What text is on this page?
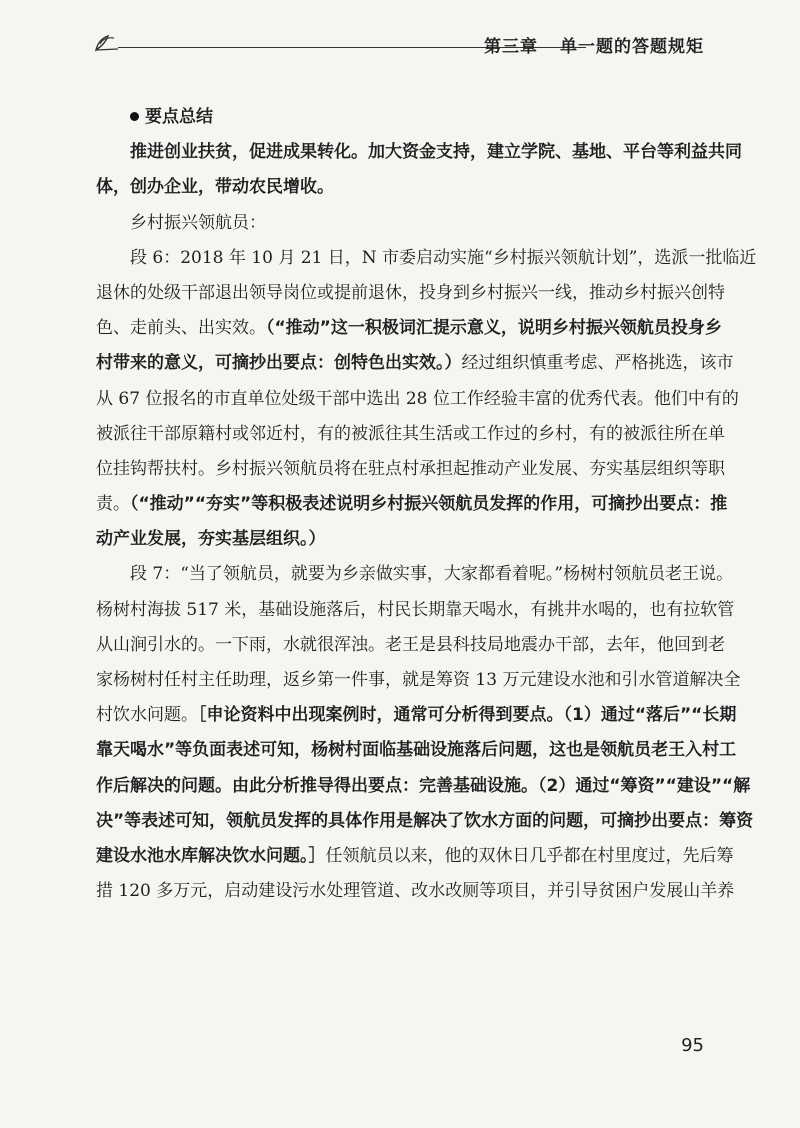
第三章 单一题的答题规矩
要点总结
推进创业扶贫，促进成果转化。加大资金支持，建立学院、基地、平台等利益共同
体，创办企业，带动农民增收。
乡村振兴领航员：
段 6：2018 年 10 月 21 日，N 市委启动实施“乡村振兴领航计划”，选派一批临近
退休的处级干部退出领导岗位或提前退休，投身到乡村振兴一线，推动乡村振兴创特
色、走前头、出实效。（“推动”这一积极词汇提示意义，说明乡村振兴领航员投身乡
村带来的意义，可摘抄出要点：创特色出实效。）经过组织慎重考虑、严格挑选，该市
从 67 位报名的市直单位处级干部中选出 28 位工作经验丰富的优秀代表。他们中有的
被派往干部原籍村或邻近村，有的被派往其生活或工作过的乡村，有的被派往所在单
位挂钩帮扶村。乡村振兴领航员将在驻点村承担起推动产业发展、夯实基层组织等职
责。（“推动”“夯实”等积极表述说明乡村振兴领航员发挥的作用，可摘抄出要点：推
动产业发展，夯实基层组织。）
段 7：“当了领航员，就要为乡亲做实事，大家都看着呢。”杨树村领航员老王说。
杨树村海拔 517 米，基础设施落后，村民长期靠天喝水，有挑井水喝的，也有拉软管
从山涧引水的。一下雨，水就很浑浊。老王是县科技局地震办干部，去年，他回到老
家杨树村任村主任助理，返乡第一件事，就是筹资 13 万元建设水池和引水管道解决全
村饮水问题。［申论资料中出现案例时，通常可分析得到要点。（1）通过“落后”“长期
靠天喝水”等负面表述可知，杨树村面临基础设施落后问题，这也是领航员老王入村工
作后解决的问题。由此分析推导得出要点：完善基础设施。（2）通过“筹资”“建设”“解
决”等表述可知，领航员发挥的具体作用是解决了饮水方面的问题，可摘抄出要点：筹资
建设水池水库解决饮水问题。］任领航员以来，他的双休日几乎都在村里度过，先后筹
措 120 多万元，启动建设污水处理管道、改水改厕等项目，并引导贫困户发展山羊养
95
